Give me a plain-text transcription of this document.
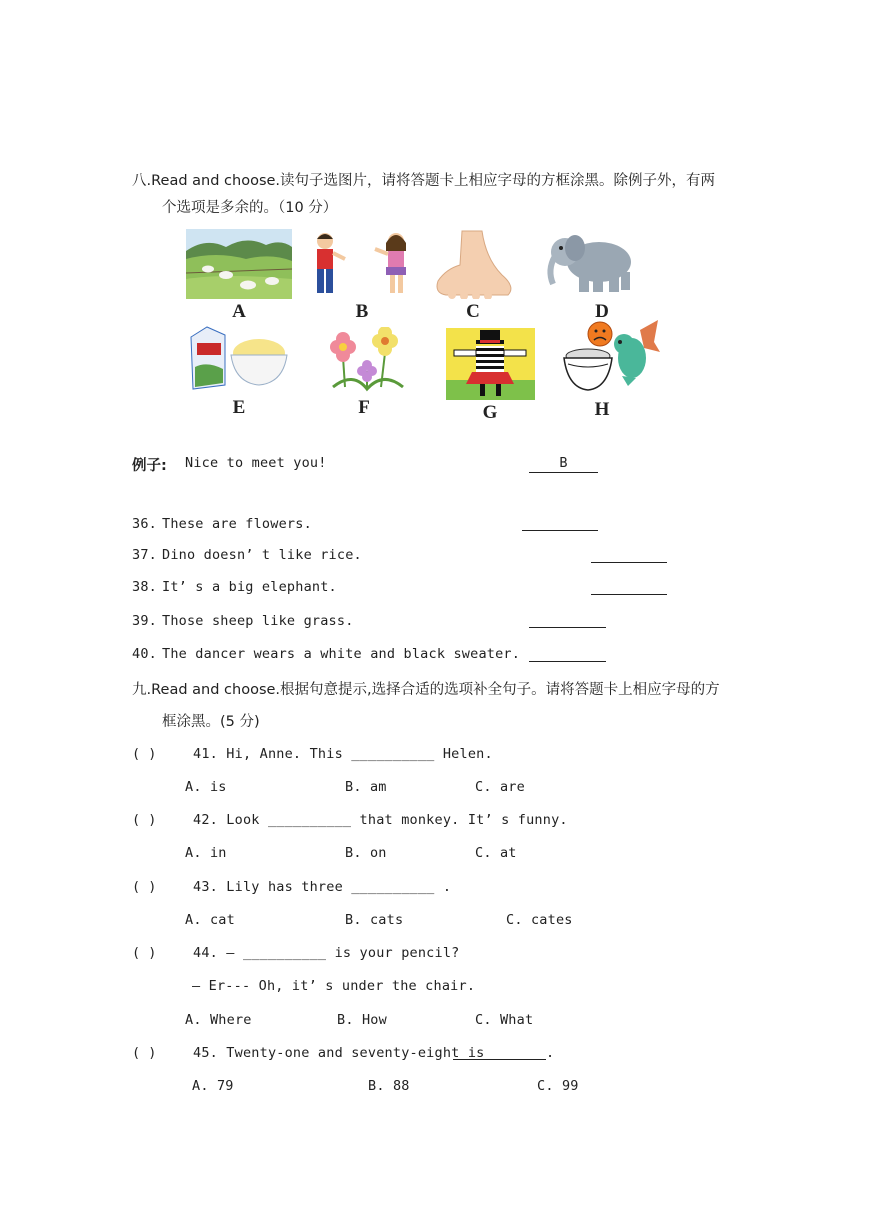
八.Read and choose.读句子选图片，请将答题卡上相应字母的方框涂黑。除例子外，有两
个选项是多余的。（10 分）
A	B	C	D
E	F	G	H
例子: Nice to meet you!	B
36. These are flowers.
37. Dino doesn’ t like rice.
38. It’ s a big elephant.
39. Those sheep like grass.
40. The dancer wears a white and black sweater.
九.Read and choose.根据句意提示,选择合适的选项补全句子。请将答题卡上相应字母的方
框涂黑。(5 分)
( )	41. Hi, Anne. This __________ Helen.
A. is	B. am	C. are
( )	42. Look __________ that monkey. It’ s funny.
A. in	B. on	C. at
( )	43. Lily has three __________ .
A. cat	B. cats	C. cates
( )	44. — __________ is your pencil?
— Er--- Oh, it’ s under the chair.
A. Where	B. How	C. What
( )	45. Twenty-one and seventy-eight is	.
A. 79	B. 88	C. 99
